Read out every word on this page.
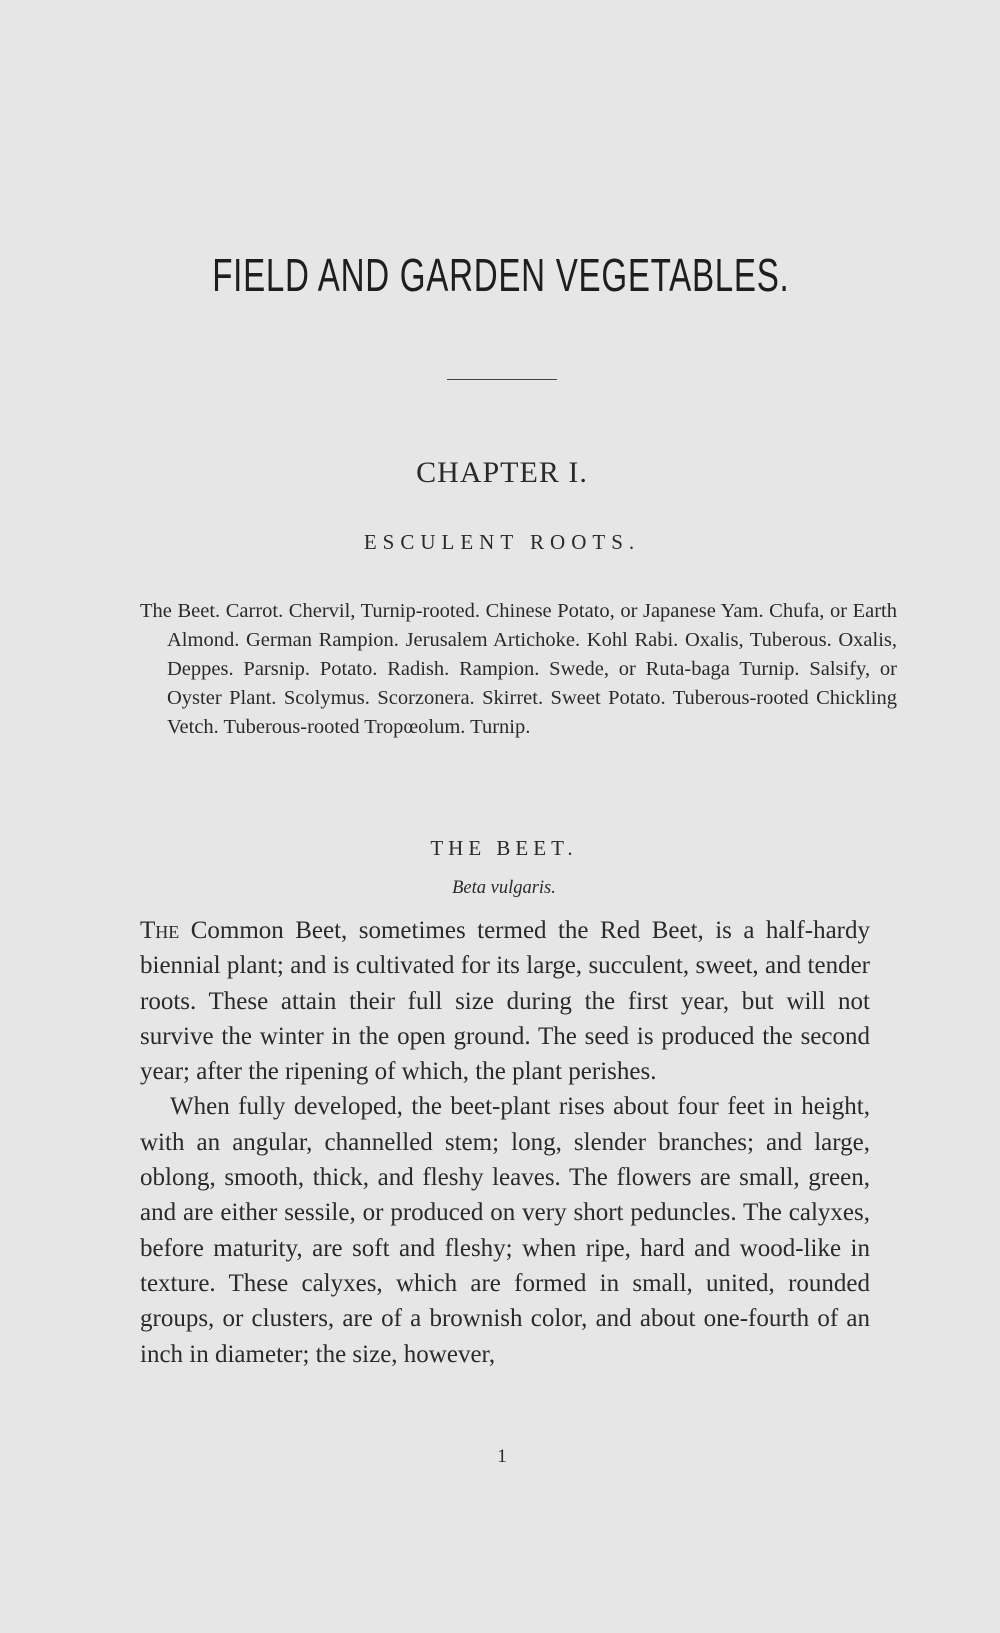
FIELD AND GARDEN VEGETABLES.
CHAPTER I.
ESCULENT ROOTS.

The Beet. Carrot. Chervil, Turnip-rooted. Chinese Potato, or Japanese Yam. Chufa, or Earth Almond. German Rampion. Jerusalem Artichoke. Kohl Rabi. Oxalis, Tuberous. Oxalis, Deppes. Parsnip. Potato. Radish. Rampion. Swede, or Ruta-baga Turnip. Salsify, or Oyster Plant. Scolymus. Scorzonera. Skirret. Sweet Potato. Tuberous-rooted Chickling Vetch. Tuberous-rooted Tropœolum. Turnip.

THE BEET.

Beta vulgaris.

The Common Beet, sometimes termed the Red Beet, is a half-hardy biennial plant; and is cultivated for its large, succulent, sweet, and tender roots. These attain their full size during the first year, but will not survive the winter in the open ground. The seed is produced the second year; after the ripening of which, the plant perishes.

When fully developed, the beet-plant rises about four feet in height, with an angular, channelled stem; long, slender branches; and large, oblong, smooth, thick, and fleshy leaves. The flowers are small, green, and are either sessile, or produced on very short peduncles. The calyxes, before maturity, are soft and fleshy; when ripe, hard and wood-like in texture. These calyxes, which are formed in small, united, rounded groups, or clusters, are of a brownish color, and about one-fourth of an inch in diameter; the size, however,

1
